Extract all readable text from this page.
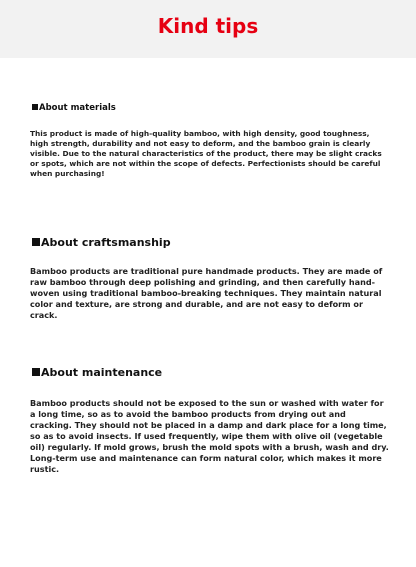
Kind tips
About materials

This product is made of high-quality bamboo, with high density, good toughness, high strength, durability and not easy to deform, and the bamboo grain is clearly visible. Due to the natural characteristics of the product, there may be slight cracks or spots, which are not within the scope of defects. Perfectionists should be careful when purchasing!

About craftsmanship

Bamboo products are traditional pure handmade products. They are made of raw bamboo through deep polishing and grinding, and then carefully hand-woven using traditional bamboo-breaking techniques. They maintain natural color and texture, are strong and durable, and are not easy to deform or crack.

About maintenance

Bamboo products should not be exposed to the sun or washed with water for a long time, so as to avoid the bamboo products from drying out and cracking. They should not be placed in a damp and dark place for a long time, so as to avoid insects. If used frequently, wipe them with olive oil (vegetable oil) regularly. If mold grows, brush the mold spots with a brush, wash and dry. Long-term use and maintenance can form natural color, which makes it more rustic.
